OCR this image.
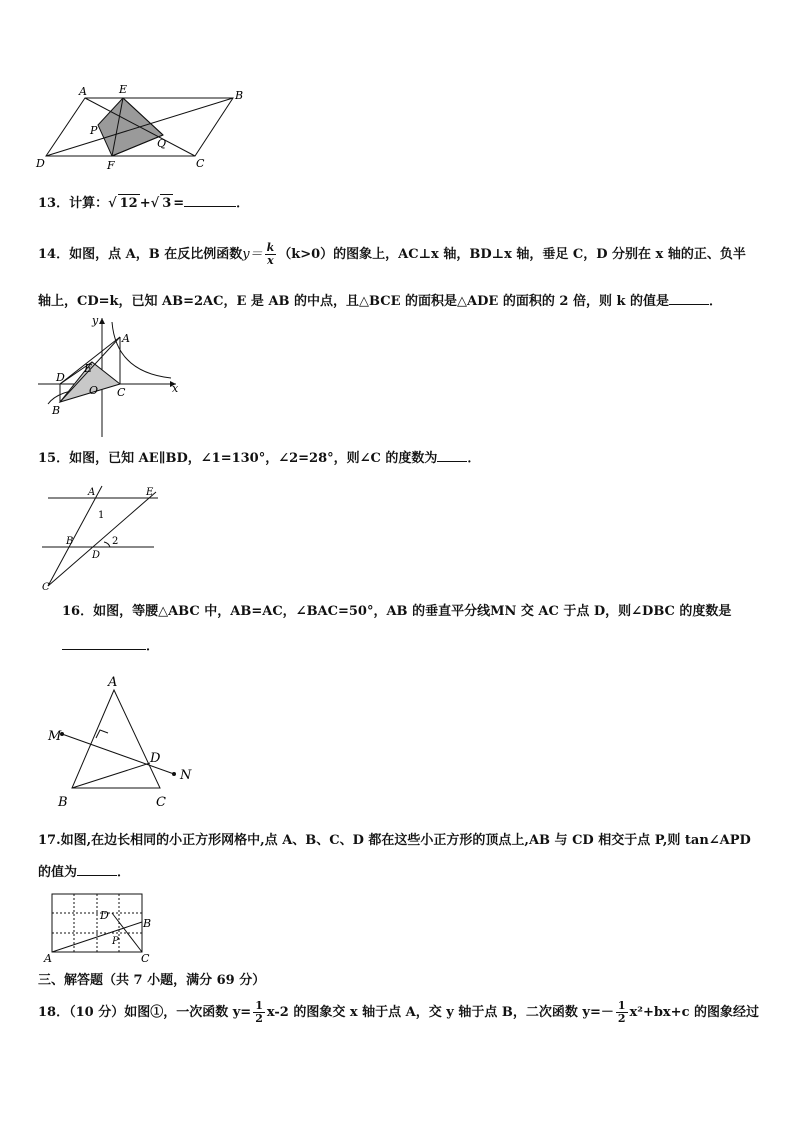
A	E	B
P
Q
D	F	C
13．计算：√ 12 +√ 3 =	．
14．如图，点 A，B 在反比例函数$y= \frac{k}{x} (k>0)$的图象上，AC⊥x 轴，BD⊥x 轴，垂足 C，D 分别在 x 轴的正、负半
轴上，CD=k，已知 AB=2AC，E 是 AB 的中点，且△BCE 的面积是△ADE 的面积的 2 倍，则 k 的值是	．
y
A
E
D
O C
B
x
15．如图，已知 AE∥BD，∠1=130°，∠2=28°，则∠C 的度数为 ．
A	E
1
B
D
2
C
16．如图，等腰△ABC 中，AB=AC，∠BAC=50°，AB 的垂直平分线MN 交 AC 于点 D，则∠DBC 的度数是
．
A
M
D
N
B	C
17.如图,在边长相同的小正方形网格中,点 A、B、C、D 都在这些小正方形的顶点上,AB 与 CD 相交于点 P,则 tan∠APD
的值为	．
D
B
P
A	C
三、解答题（共 7 小题，满分 69 分）
18．（10 分）如图①，一次函数 $y= \frac{1}{2} x-2$ 的图象交 x 轴于点 A，交 y 轴于点 B，二次函数 $y=- \frac{1}{2} x^2+bx+c$ 的图象经过
